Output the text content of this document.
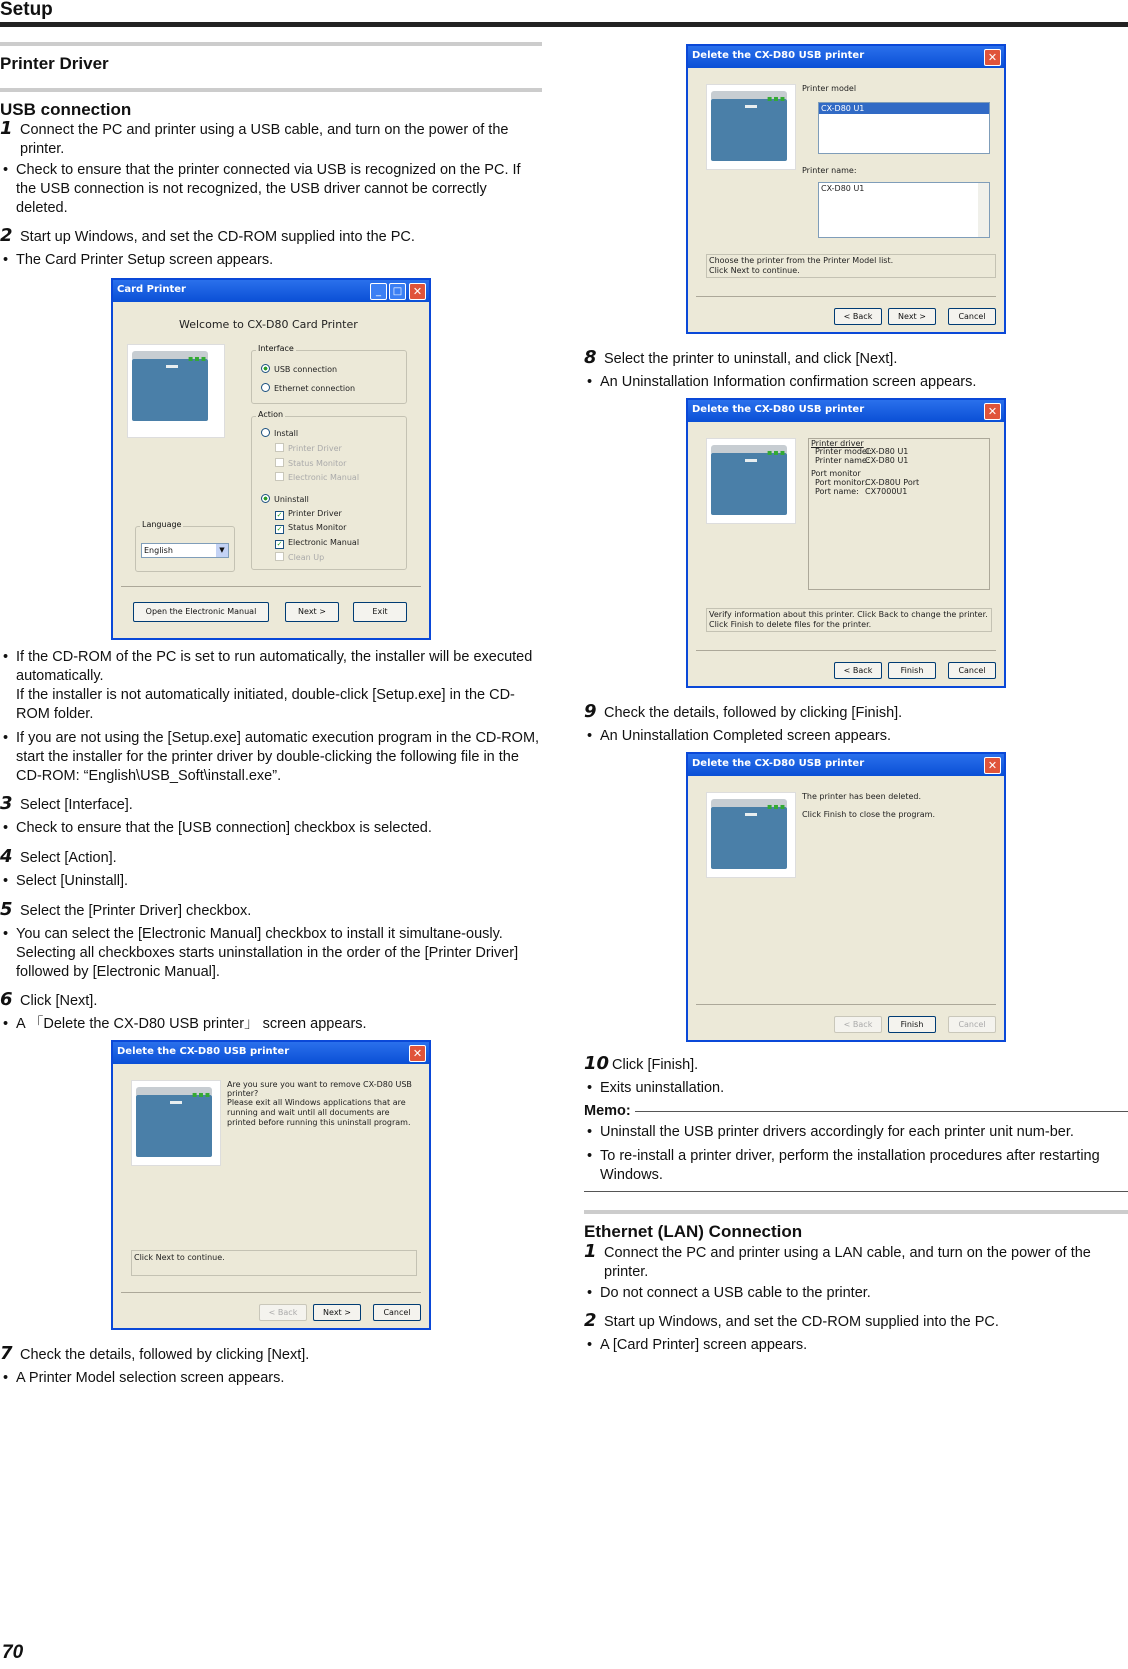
Setup
Printer Driver
USB connection
1 Connect the PC and printer using a USB cable, and turn on the power of the printer.
• Check to ensure that the printer connected via USB is recognized on the PC. If the USB connection is not recognized, the USB driver cannot be correctly deleted.
2 Start up Windows, and set the CD-ROM supplied into the PC.
• The Card Printer Setup screen appears.
Card Printer	_	□ ✕
Welcome to CX-D80 Card Printer
▪▪▪
Interface
USB connection
Ethernet connection
Action
Install
Printer Driver
Status Monitor
Electronic Manual
Uninstall
✓ Printer Driver
✓ Status Monitor
✓ Electronic Manual
Clean Up
Language
English	▼
Open the Electronic Manual	Next >	Exit
• If the CD-ROM of the PC is set to run automatically, the installer will be executed automatically.
If the installer is not automatically initiated, double-click [Setup.exe] in the CD-ROM folder.
• If you are not using the [Setup.exe] automatic execution program in the CD-ROM, start the installer for the printer driver by double-clicking the following file in the CD-ROM: “English\USB_Soft\install.exe”.
3 Select [Interface].
• Check to ensure that the [USB connection] checkbox is selected.
4 Select [Action].
• Select [Uninstall].
5 Select the [Printer Driver] checkbox.
• You can select the [Electronic Manual] checkbox to install it simultane-ously. Selecting all checkboxes starts uninstallation in the order of the [Printer Driver] followed by [Electronic Manual].
6 Click [Next].
• A 「Delete the CX-D80 USB printer」 screen appears.
Delete the CX-D80 USB printer	✕
▪▪▪
Are you sure you want to remove CX-D80 USB printer?
Please exit all Windows applications that are running and wait until all documents are printed before running this uninstall program.
Click Next to continue.
< Back	Next >	Cancel
7 Check the details, followed by clicking [Next].
• A Printer Model selection screen appears.
Delete the CX-D80 USB printer	✕
▪▪▪
Printer model
CX-D80 U1
Printer name:
CX-D80 U1
Choose the printer from the Printer Model list.
Click Next to continue.
< Back	Next >	Cancel
8 Select the printer to uninstall, and click [Next].
• An Uninstallation Information confirmation screen appears.
Delete the CX-D80 USB printer	✕
▪▪▪
Printer driver
Printer model:
CX-D80 U1
Printer name:
CX-D80 U1
Port monitor
Port monitor:
CX-D80U Port
Port name: CX7000U1
Verify information about this printer. Click Back to change the printer.
Click Finish to delete files for the printer.
< Back	Finish	Cancel
9 Check the details, followed by clicking [Finish].
• An Uninstallation Completed screen appears.
Delete the CX-D80 USB printer	✕
▪▪▪
The printer has been deleted.
Click Finish to close the program.
< Back	Finish	Cancel
10 Click [Finish].
• Exits uninstallation.
Memo:
• Uninstall the USB printer drivers accordingly for each printer unit num-ber.
• To re-install a printer driver, perform the installation procedures after restarting Windows.
Ethernet (LAN) Connection
1 Connect the PC and printer using a LAN cable, and turn on the power of the printer.
• Do not connect a USB cable to the printer.
2 Start up Windows, and set the CD-ROM supplied into the PC.
• A [Card Printer] screen appears.
70
